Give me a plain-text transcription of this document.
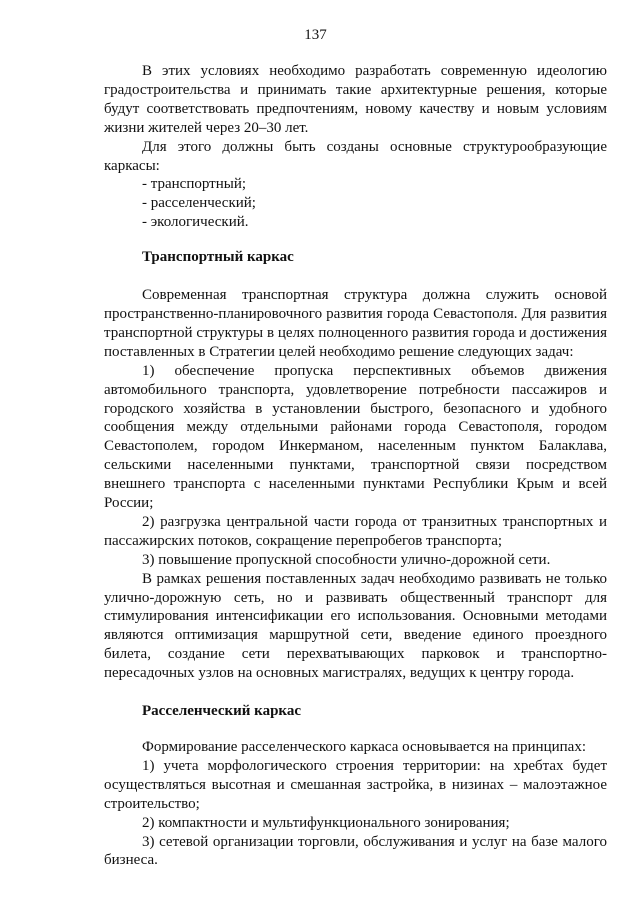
137

В этих условиях необходимо разработать современную идеологию градостроительства и принимать такие архитектурные решения, которые будут соответствовать предпочтениям, новому качеству и новым условиям жизни жителей через 20–30 лет.

Для этого должны быть созданы основные структурообразующие каркасы:

- транспортный;

- расселенческий;

- экологический.

Транспортный каркас

Современная транспортная структура должна служить основой пространственно-планировочного развития города Севастополя. Для развития транспортной структуры в целях полноценного развития города и достижения поставленных в Стратегии целей необходимо решение следующих задач:

1) обеспечение пропуска перспективных объемов движения автомобильного транспорта, удовлетворение потребности пассажиров и городского хозяйства в установлении быстрого, безопасного и удобного сообщения между отдельными районами города Севастополя, городом Севастополем, городом Инкерманом, населенным пунктом Балаклава, сельскими населенными пунктами, транспортной связи посредством внешнего транспорта с населенными пунктами Республики Крым и всей России;

2) разгрузка центральной части города от транзитных транспортных и пассажирских потоков, сокращение перепробегов транспорта;

3) повышение пропускной способности улично-дорожной сети.

В рамках решения поставленных задач необходимо развивать не только улично-дорожную сеть, но и развивать общественный транспорт для стимулирования интенсификации его использования. Основными методами являются оптимизация маршрутной сети, введение единого проездного билета, создание сети перехватывающих парковок и транспортно-пересадочных узлов на основных магистралях, ведущих к центру города.

Расселенческий каркас

Формирование расселенческого каркаса основывается на принципах:

1) учета морфологического строения территории: на хребтах будет осуществляться высотная и смешанная застройка, в низинах – малоэтажное строительство;

2) компактности и мультифункционального зонирования;

3) сетевой организации торговли, обслуживания и услуг на базе малого бизнеса.
